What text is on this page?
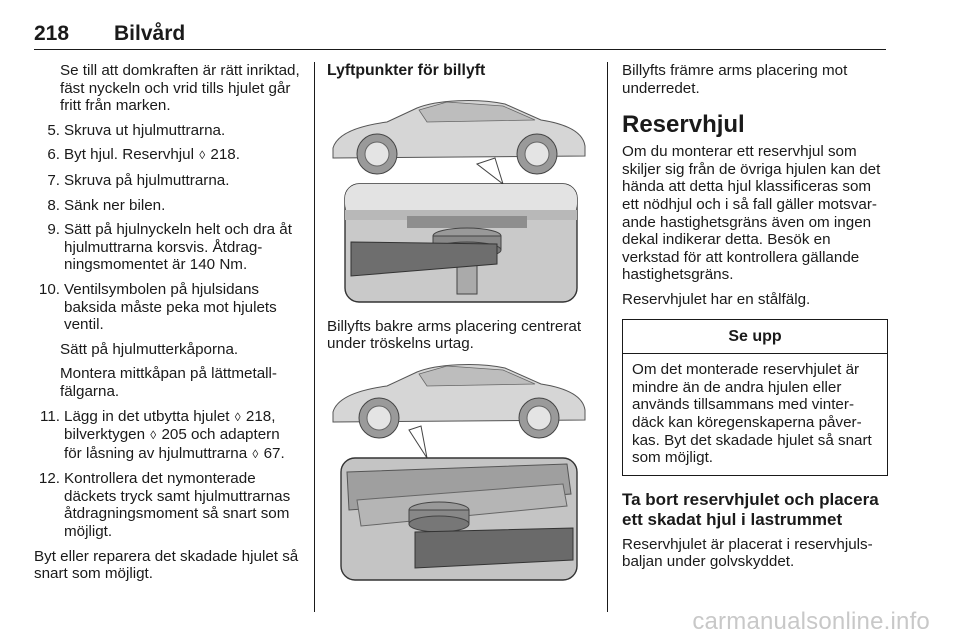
218 Bilvård

Se till att domkraften är rätt inriktad, fäst nyckeln och vrid tills hjulet går fritt från marken.

5. Skruva ut hjulmuttrarna.
6. Byt hjul. Reservhjul ◊ 218.
7. Skruva på hjulmuttrarna.
8. Sänk ner bilen.
9. Sätt på hjulnyckeln helt och dra åt hjulmuttrarna korsvis. Åtdragningsmomentet är 140 Nm.
10. Ventilsymbolen på hjulsidans baksida måste peka mot hjulets ventil.

Sätt på hjulmutterkåporna.

Montera mittkåpan på lättmetallfälgarna.

11. Lägg in det utbytta hjulet ◊ 218, bilverktygen ◊ 205 och adaptern för låsning av hjulmuttrarna ◊ 67.
12. Kontrollera det nymonterade däckets tryck samt hjulmuttrarnas åtdragningsmoment så snart som möjligt.

Byt eller reparera det skadade hjulet så snart som möjligt.

Lyftpunkter för billyft

Billyfts bakre arms placering centrerat under tröskelns urtag.

Billyfts främre arms placering mot underredet.

Reservhjul

Om du monterar ett reservhjul som skiljer sig från de övriga hjulen kan det hända att detta hjul klassificeras som ett nödhjul och i så fall gäller motsvarande hastighetsgräns även om ingen dekal indikerar detta. Besök en verkstad för att kontrollera gällande hastighetsgräns.

Reservhjulet har en stålfälg.

Se upp
Om det monterade reservhjulet är mindre än de andra hjulen eller används tillsammans med vinterdäck kan köregenskaperna påverkas. Byt det skadade hjulet så snart som möjligt.
Ta bort reservhjulet och placera ett skadat hjul i lastrummet

Reservhjulet är placerat i reservhjulsbaljan under golvskyddet.

carmanualsonline.info
